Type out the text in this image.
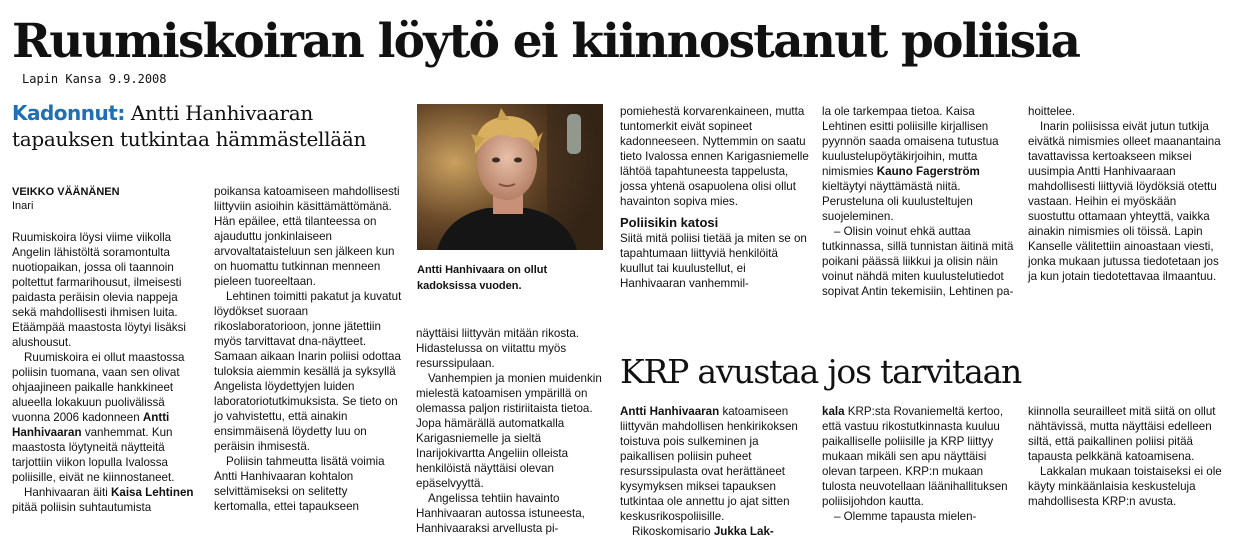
Ruumiskoiran löytö ei kiinnostanut poliisia
Lapin Kansa 9.9.2008
Kadonnut: Antti Hanhivaaran tapauksen tutkintaa hämmästellään
VEIKKO VÄÄNÄNEN
Inari

Ruumiskoira löysi viime viikolla Angelin lähistöltä soramontulta nuotiopaikan, jossa oli taannoin poltettut farmarihousut, ilmeisesti paidasta peräisin olevia nappeja sekä mahdollisesti ihmisen luita. Etäämpää maastosta löytyi lisäksi alushousut.

Ruumiskoira ei ollut maastossa poliisin tuomana, vaan sen olivat ohjaajineen paikalle hankkineet alueella lokakuun puolivälissä vuonna 2006 kadonneen Antti Hanhivaaran vanhemmat. Kun maastosta löytyneitä näytteitä tarjottiin viikon lopulla Ivalossa poliisille, eivät ne kiinnostaneet.

Hanhivaaran äiti Kaisa Lehtinen pitää poliisin suhtautumista

poikansa katoamiseen mahdollisesti liittyviin asioihin käsittämättömänä. Hän epäilee, että tilanteessa on ajauduttu jonkinlaiseen arvovaltataisteluun sen jälkeen kun on huomattu tutkinnan menneen pieleen tuoreeltaan.

Lehtinen toimitti pakatut ja kuvatut löydökset suoraan rikoslaboratorioon, jonne jätettiin myös tarvittavat dna-näytteet. Samaan aikaan Inarin poliisi odottaa tuloksia aiemmin kesällä ja syksyllä Angelista löydettyjen luiden laboratoriotutkimuksista. Se tieto on jo vahvistettu, että ainakin ensimmäisenä löydetty luu on peräisin ihmisestä.

Poliisin tahmeutta lisätä voimia Antti Hanhivaaran kohtalon selvittämiseksi on selitetty kertomalla, ettei tapaukseen

Antti Hanhivaara on ollut kadoksissa vuoden.

näyttäisi liittyvän mitään rikosta. Hidastelussa on viitattu myös resurssipulaan.

Vanhempien ja monien muidenkin mielestä katoamisen ympärillä on olemassa paljon ristiriitaista tietoa. Jopa hämärällä automatkalla Karigasniemelle ja sieltä Inarijokivartta Angeliin olleista henkilöistä näyttäisi olevan epäselvyyttä.

Angelissa tehtiin havainto Hanhivaaran autossa istuneesta, Hanhivaaraksi arvellusta pi-

pomiehestä korvarenkaineen, mutta tuntomerkit eivät sopineet kadonneeseen. Nyttemmin on saatu tieto Ivalossa ennen Karigasniemelle lähtöä tapahtuneesta tappelusta, jossa yhtenä osapuolena olisi ollut havainton sopiva mies.

Poliisikin katosi

Siitä mitä poliisi tietää ja miten se on tapahtumaan liittyviä henkilöitä kuullut tai kuulustellut, ei Hanhivaaran vanhemmil-

la ole tarkempaa tietoa. Kaisa Lehtinen esitti poliisille kirjallisen pyynnön saada omaisena tutustua kuulustelupöytäkirjoihin, mutta nimismies Kauno Fagerström kieltäytyi näyttämästä niitä. Perusteluna oli kuulusteltujen suojeleminen.

– Olisin voinut ehkä auttaa tutkinnassa, sillä tunnistan äitinä mitä poikani päässä liikkui ja olisin näin voinut nähdä miten kuulustelutiedot sopivat Antin tekemisiin, Lehtinen pa-

hoittelee.

Inarin poliisissa eivät jutun tutkija eivätkä nimismies olleet maanantaina tavattavissa kertoakseen miksei uusimpia Antti Hanhivaaraan mahdollisesti liittyviä löydöksiä otettu vastaan. Heihin ei myöskään suostuttu ottamaan yhteyttä, vaikka ainakin nimismies oli töissä. Lapin Kanselle välitettiin ainoastaan viesti, jonka mukaan jutussa tiedotetaan jos ja kun jotain tiedotettavaa ilmaantuu.

KRP avustaa jos tarvitaan

Antti Hanhivaaran katoamiseen liittyvän mahdollisen henkirikoksen toistuva pois sulkeminen ja paikallisen poliisin puheet resurssipulasta ovat herättäneet kysymyksen miksei tapauksen tutkintaa ole annettu jo ajat sitten keskusrikospoliisille.

Rikoskomisario Jukka Lak-

kala KRP:sta Rovaniemeltä kertoo, että vastuu rikostutkinnasta kuuluu paikalliselle poliisille ja KRP liittyy mukaan mikäli sen apu näyttäisi olevan tarpeen. KRP:n mukaan tulosta neuvotellaan läänihallituksen poliisijohdon kautta.

– Olemme tapausta mielen-

kiinnolla seurailleet mitä siitä on ollut nähtävissä, mutta näyttäisi edelleen siltä, että paikallinen poliisi pitää tapausta pelkkänä katoamisena.

Lakkalan mukaan toistaiseksi ei ole käyty minkäänlaisia keskusteluja mahdollisesta KRP:n avusta.
